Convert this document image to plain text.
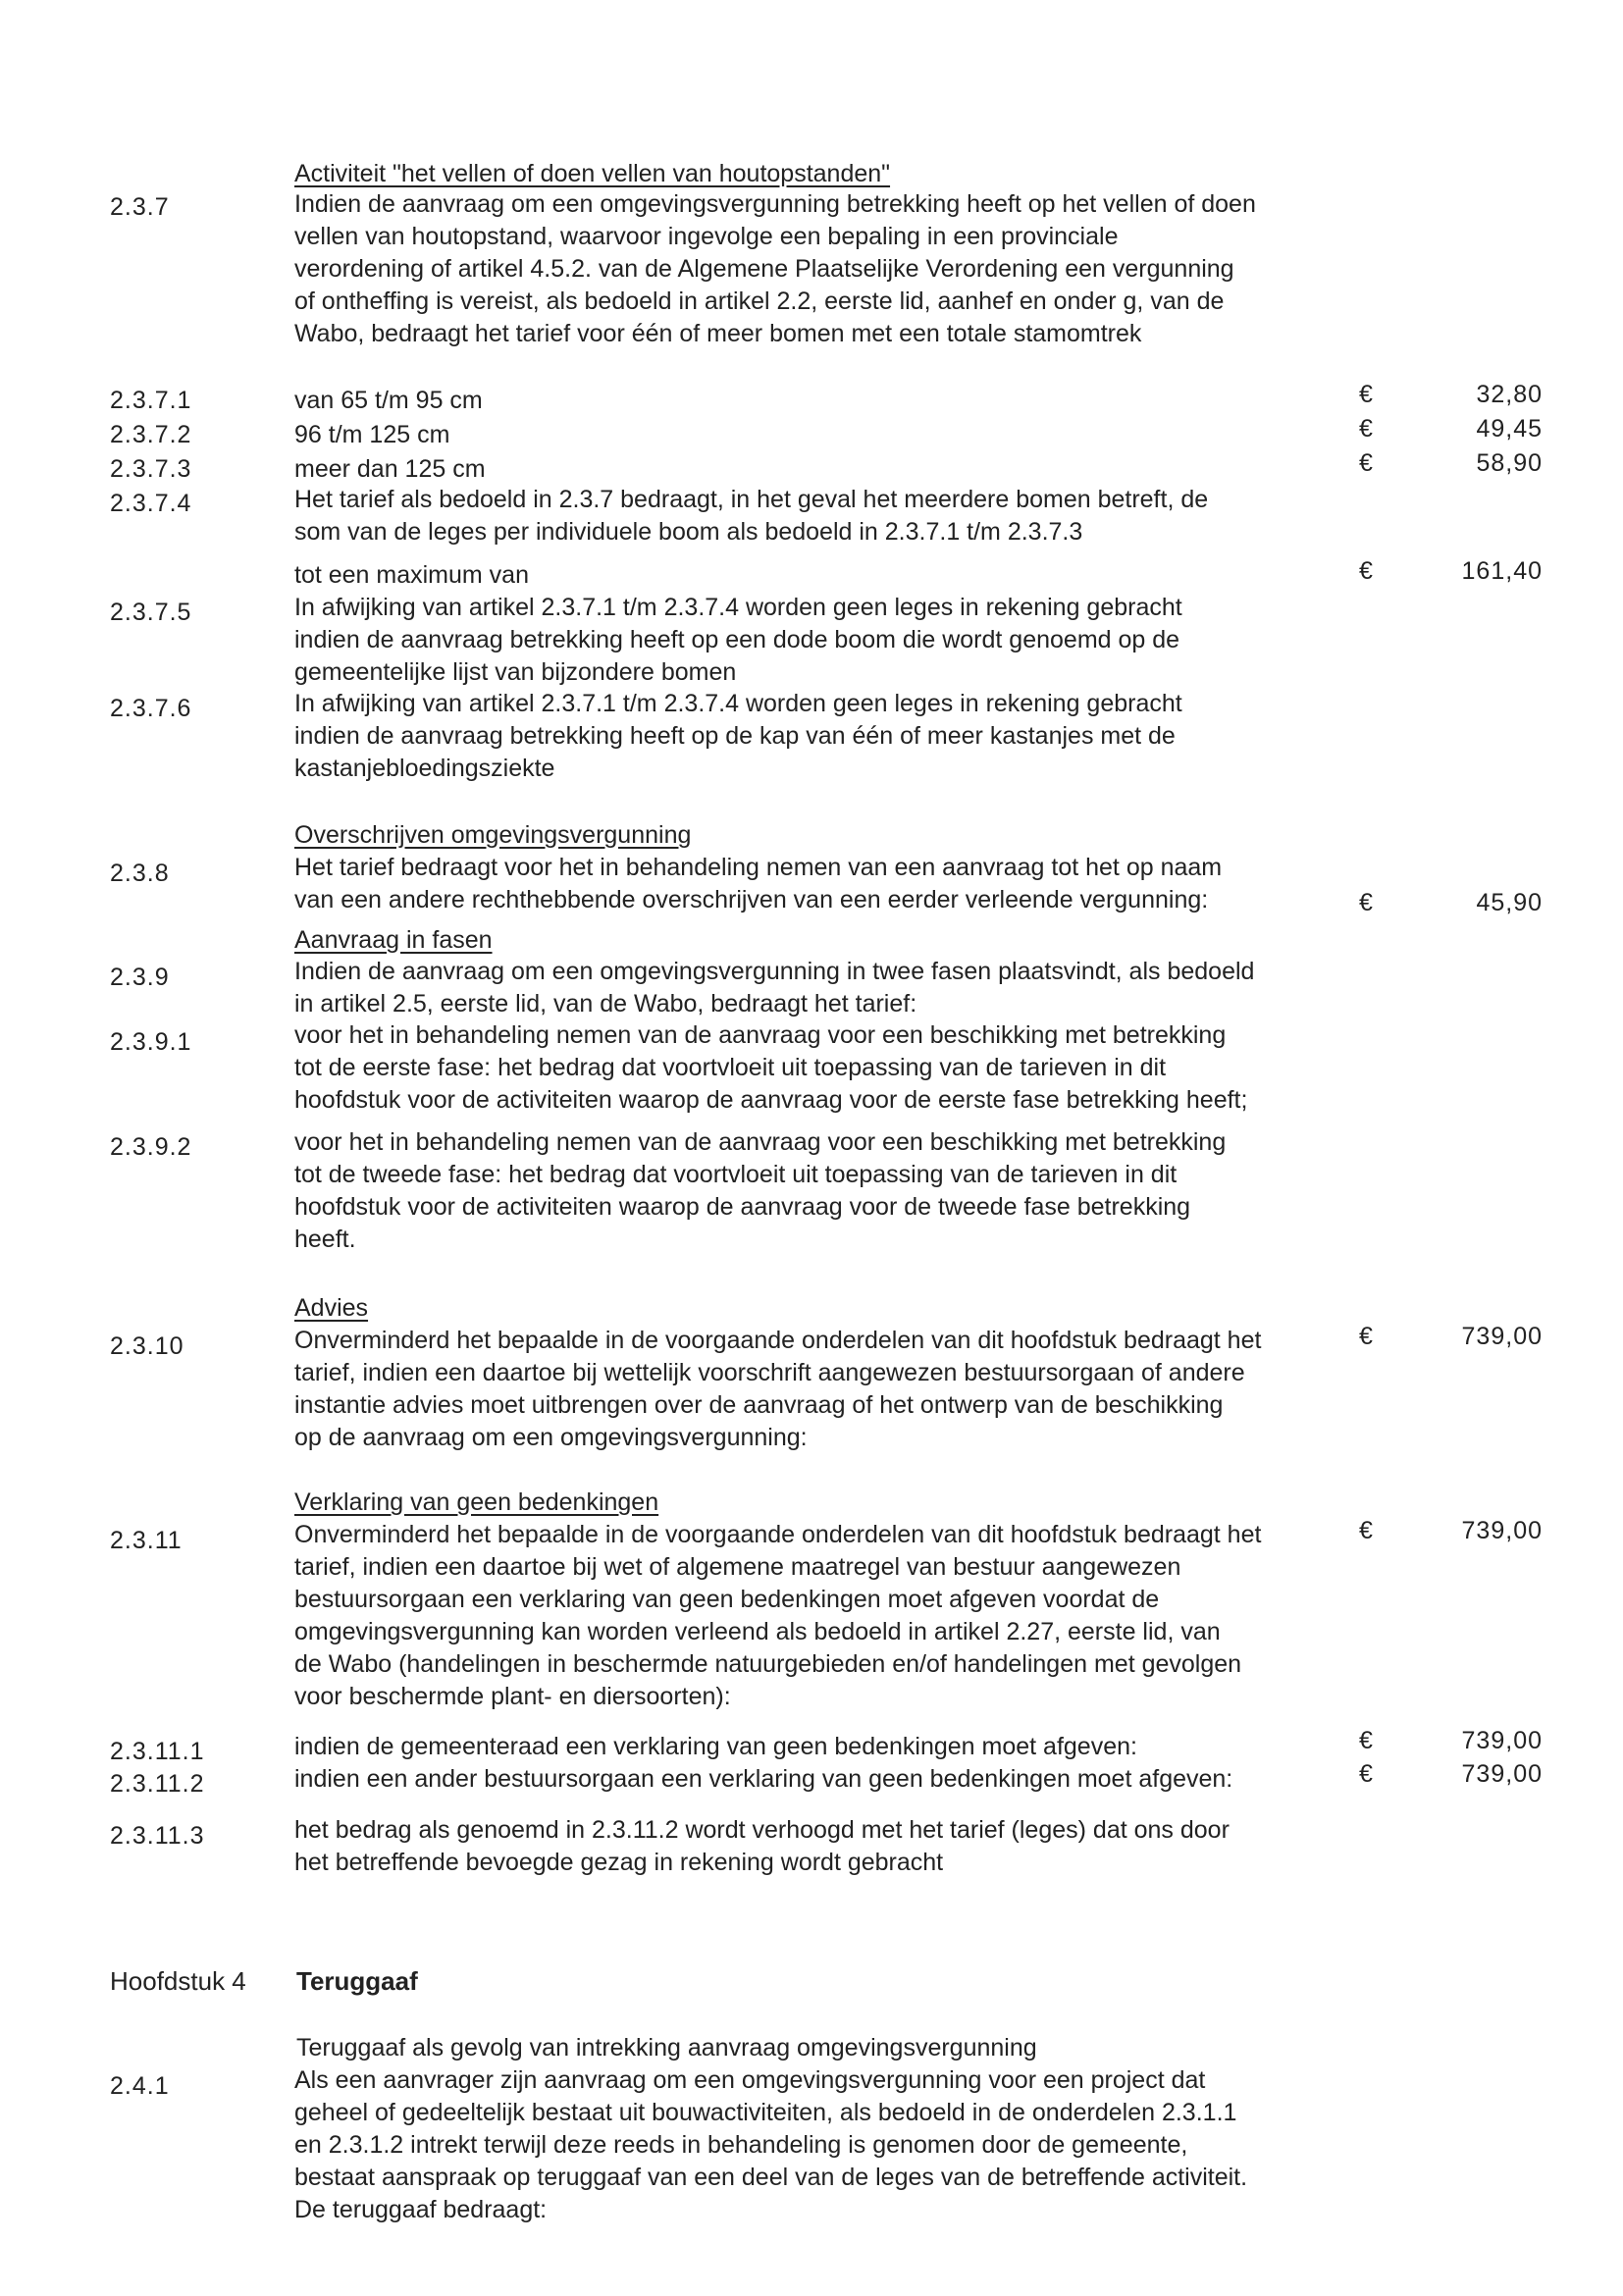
Activiteit "het vellen of doen vellen van houtopstanden"
2.3.7	Indien de aanvraag om een omgevingsvergunning betrekking heeft op het vellen of doen
vellen van houtopstand, waarvoor ingevolge een bepaling in een provinciale
verordening of artikel 4.5.2. van de Algemene Plaatselijke Verordening een vergunning
of ontheffing is vereist, als bedoeld in artikel 2.2, eerste lid, aanhef en onder g, van de
Wabo, bedraagt het tarief voor één of meer bomen met een totale stamomtrek
2.3.7.1	van 65 t/m 95 cm	€	32,80
2.3.7.2	96 t/m 125 cm	€	49,45
2.3.7.3	meer dan 125 cm	€	58,90
2.3.7.4	Het tarief als bedoeld in 2.3.7 bedraagt, in het geval het meerdere bomen betreft, de
som van de leges per individuele boom als bedoeld in 2.3.7.1 t/m 2.3.7.3
tot een maximum van	€	161,40
2.3.7.5	In afwijking van artikel 2.3.7.1 t/m 2.3.7.4 worden geen leges in rekening gebracht
indien de aanvraag betrekking heeft op een dode boom die wordt genoemd op de
gemeentelijke lijst van bijzondere bomen
2.3.7.6	In afwijking van artikel 2.3.7.1 t/m 2.3.7.4 worden geen leges in rekening gebracht
indien de aanvraag betrekking heeft op de kap van één of meer kastanjes met de
kastanjebloedingsziekte
Overschrijven omgevingsvergunning
2.3.8	Het tarief bedraagt voor het in behandeling nemen van een aanvraag tot het op naam
van een andere rechthebbende overschrijven van een eerder verleende vergunning:	€	45,90
Aanvraag in fasen
2.3.9	Indien de aanvraag om een omgevingsvergunning in twee fasen plaatsvindt, als bedoeld
in artikel 2.5, eerste lid, van de Wabo, bedraagt het tarief:
2.3.9.1	voor het in behandeling nemen van de aanvraag voor een beschikking met betrekking
tot de eerste fase: het bedrag dat voortvloeit uit toepassing van de tarieven in dit
hoofdstuk voor de activiteiten waarop de aanvraag voor de eerste fase betrekking heeft;
2.3.9.2	voor het in behandeling nemen van de aanvraag voor een beschikking met betrekking
tot de tweede fase: het bedrag dat voortvloeit uit toepassing van de tarieven in dit
hoofdstuk voor de activiteiten waarop de aanvraag voor de tweede fase betrekking
heeft.
Advies
2.3.10	Onverminderd het bepaalde in de voorgaande onderdelen van dit hoofdstuk bedraagt het
tarief, indien een daartoe bij wettelijk voorschrift aangewezen bestuursorgaan of andere
instantie advies moet uitbrengen over de aanvraag of het ontwerp van de beschikking
op de aanvraag om een omgevingsvergunning:
€	739,00
Verklaring van geen bedenkingen
2.3.11	Onverminderd het bepaalde in de voorgaande onderdelen van dit hoofdstuk bedraagt het
tarief, indien een daartoe bij wet of algemene maatregel van bestuur aangewezen
bestuursorgaan een verklaring van geen bedenkingen moet afgeven voordat de
omgevingsvergunning kan worden verleend als bedoeld in artikel 2.27, eerste lid, van
de Wabo (handelingen in beschermde natuurgebieden en/of handelingen met gevolgen
voor beschermde plant- en diersoorten):
€	739,00
2.3.11.1	indien de gemeenteraad een verklaring van geen bedenkingen moet afgeven:	€	739,00
2.3.11.2	indien een ander bestuursorgaan een verklaring van geen bedenkingen moet afgeven:	€	739,00
2.3.11.3	het bedrag als genoemd in 2.3.11.2 wordt verhoogd met het tarief (leges) dat ons door
het betreffende bevoegde gezag in rekening wordt gebracht
Hoofdstuk 4 Teruggaaf
Teruggaaf als gevolg van intrekking aanvraag omgevingsvergunning
2.4.1	Als een aanvrager zijn aanvraag om een omgevingsvergunning voor een project dat
geheel of gedeeltelijk bestaat uit bouwactiviteiten, als bedoeld in de onderdelen 2.3.1.1
en 2.3.1.2 intrekt terwijl deze reeds in behandeling is genomen door de gemeente,
bestaat aanspraak op teruggaaf van een deel van de leges van de betreffende activiteit.
De teruggaaf bedraagt:
